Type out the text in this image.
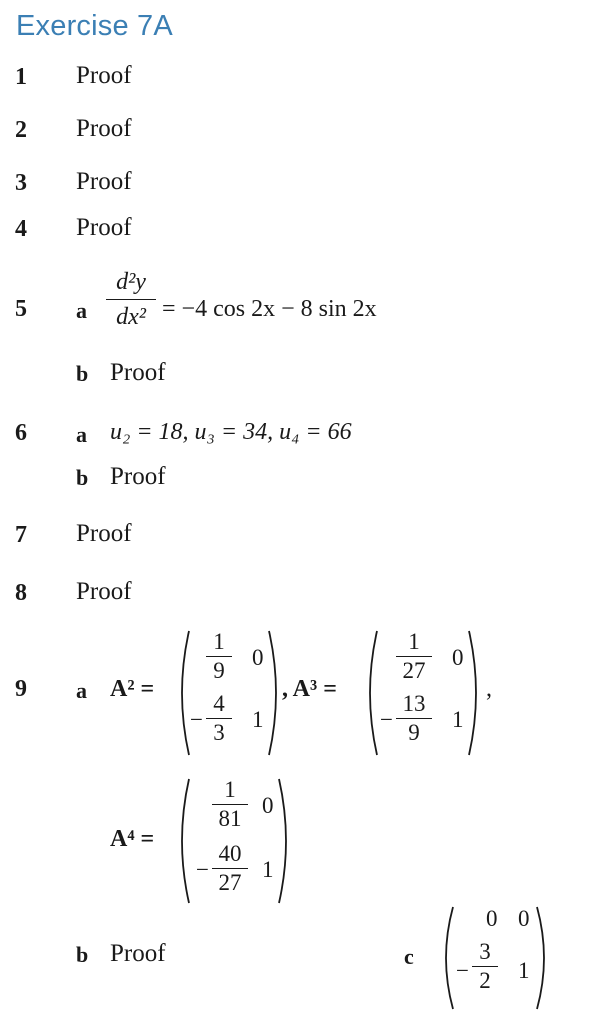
Exercise 7A
1 Proof
2 Proof
3 Proof
4 Proof
5 a
d²y
dx² = −4 cos 2x − 8 sin 2x
b Proof
6 a u₂ = 18, u₃ = 34, u₄ = 66
b Proof
7 Proof
8 Proof
9 a A² =
1
9
0
−
4
3
1
, A³ =
1
27
0
−
13
9
1
,
A⁴ =
1
81
0
−
40
27
1
b Proof	c
0 0
−
3
2	1
